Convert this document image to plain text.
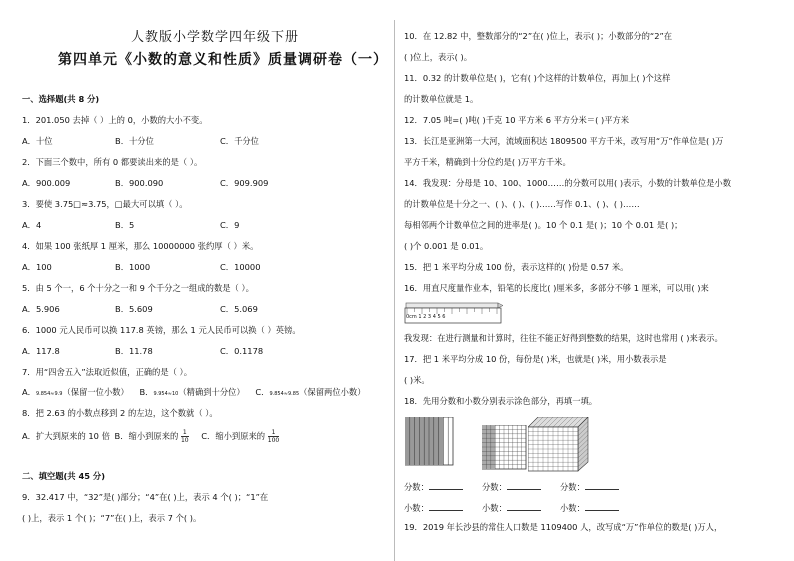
人教版小学数学四年级下册
第四单元《小数的意义和性质》质量调研卷（一）
一、选择题(共 8 分)
1．201.050 去掉（ ）上的 0，小数的大小不变。
A．十位	B．十分位	C．千分位
2．下面三个数中，所有 0 都要读出来的是（ ）。
A．900.009	B．900.090	C．909.909
3．要使 3.75□≈3.75，□最大可以填（ ）。
A．4	B．5	C．9
4．如果 100 张纸厚 1 厘米，那么 10000000 张约厚（ ）米。
A．100	B．1000	C．10000
5．由 5 个一，6 个十分之一和 9 个千分之一组成的数是（ ）。
A．5.906	B．5.609	C．5.069
6．1000 元人民币可以换 117.8 英镑，那么 1 元人民币可以换（ ）英镑。
A．117.8	B．11.78	C．0.1178
7．用“四舍五入”法取近似值，正确的是（ ）。
A．9.854≈9.9（保留一位小数） B．9.954≈10（精确到十分位） C．9.854≈9.85（保留两位小数）
8．把 2.63 的小数点移到 2 的左边，这个数就（ ）。
A．扩大到原来的 10 倍 B．缩小到原来的 $\frac{1}{10}$ C．缩小到原来的 $\frac{1}{100}$
二、填空题(共 45 分)
9．32.417 中，“32”是( )部分；“4”在( )上，表示 4 个( )；“1”在
( )上，表示 1 个( )；“7”在( )上，表示 7 个( )。
10．在 12.82 中，整数部分的“2”在( )位上，表示( )；小数部分的“2”在
( )位上，表示( )。
11．0.32 的计数单位是( )，它有( )个这样的计数单位，再加上( )个这样
的计数单位就是 1。
12．7.05 吨=( )吨( )千克 10 平方米 6 平方分米＝( )平方米
13．长江是亚洲第一大河，流域面积达 1809500 平方千米，改写用“万”作单位是( )万
平方千米，精确到十分位约是( )万平方千米。
14．我发现：分母是 10、100、1000……的分数可以用( )表示，小数的计数单位是小数
的计数单位是十分之一、( )、( )、( )……写作 0.1、( )、( )……
每相邻两个计数单位之间的进率是( )。10 个 0.1 是( )；10 个 0.01 是( )；
( )个 0.001 是 0.01。
15．把 1 米平均分成 100 份，表示这样的( )份是 0.57 米。
16．用直尺度量作业本，铅笔的长度比( )厘米多，多部分不够 1 厘米，可以用( )来
0cm 1 2 3 4 5 6
我发现：在进行测量和计算时，往往不能正好得到整数的结果，这时也常用 ( )来表示。
17．把 1 米平均分成 10 份，每份是( )米，也就是( )米，用小数表示是
( )米。
18．先用分数和小数分别表示涂色部分，再填一填。
分数：	分数：	分数：
小数：	小数：	小数：
19．2019 年长沙县的常住人口数是 1109400 人，改写成“万”作单位的数是( )万人，
